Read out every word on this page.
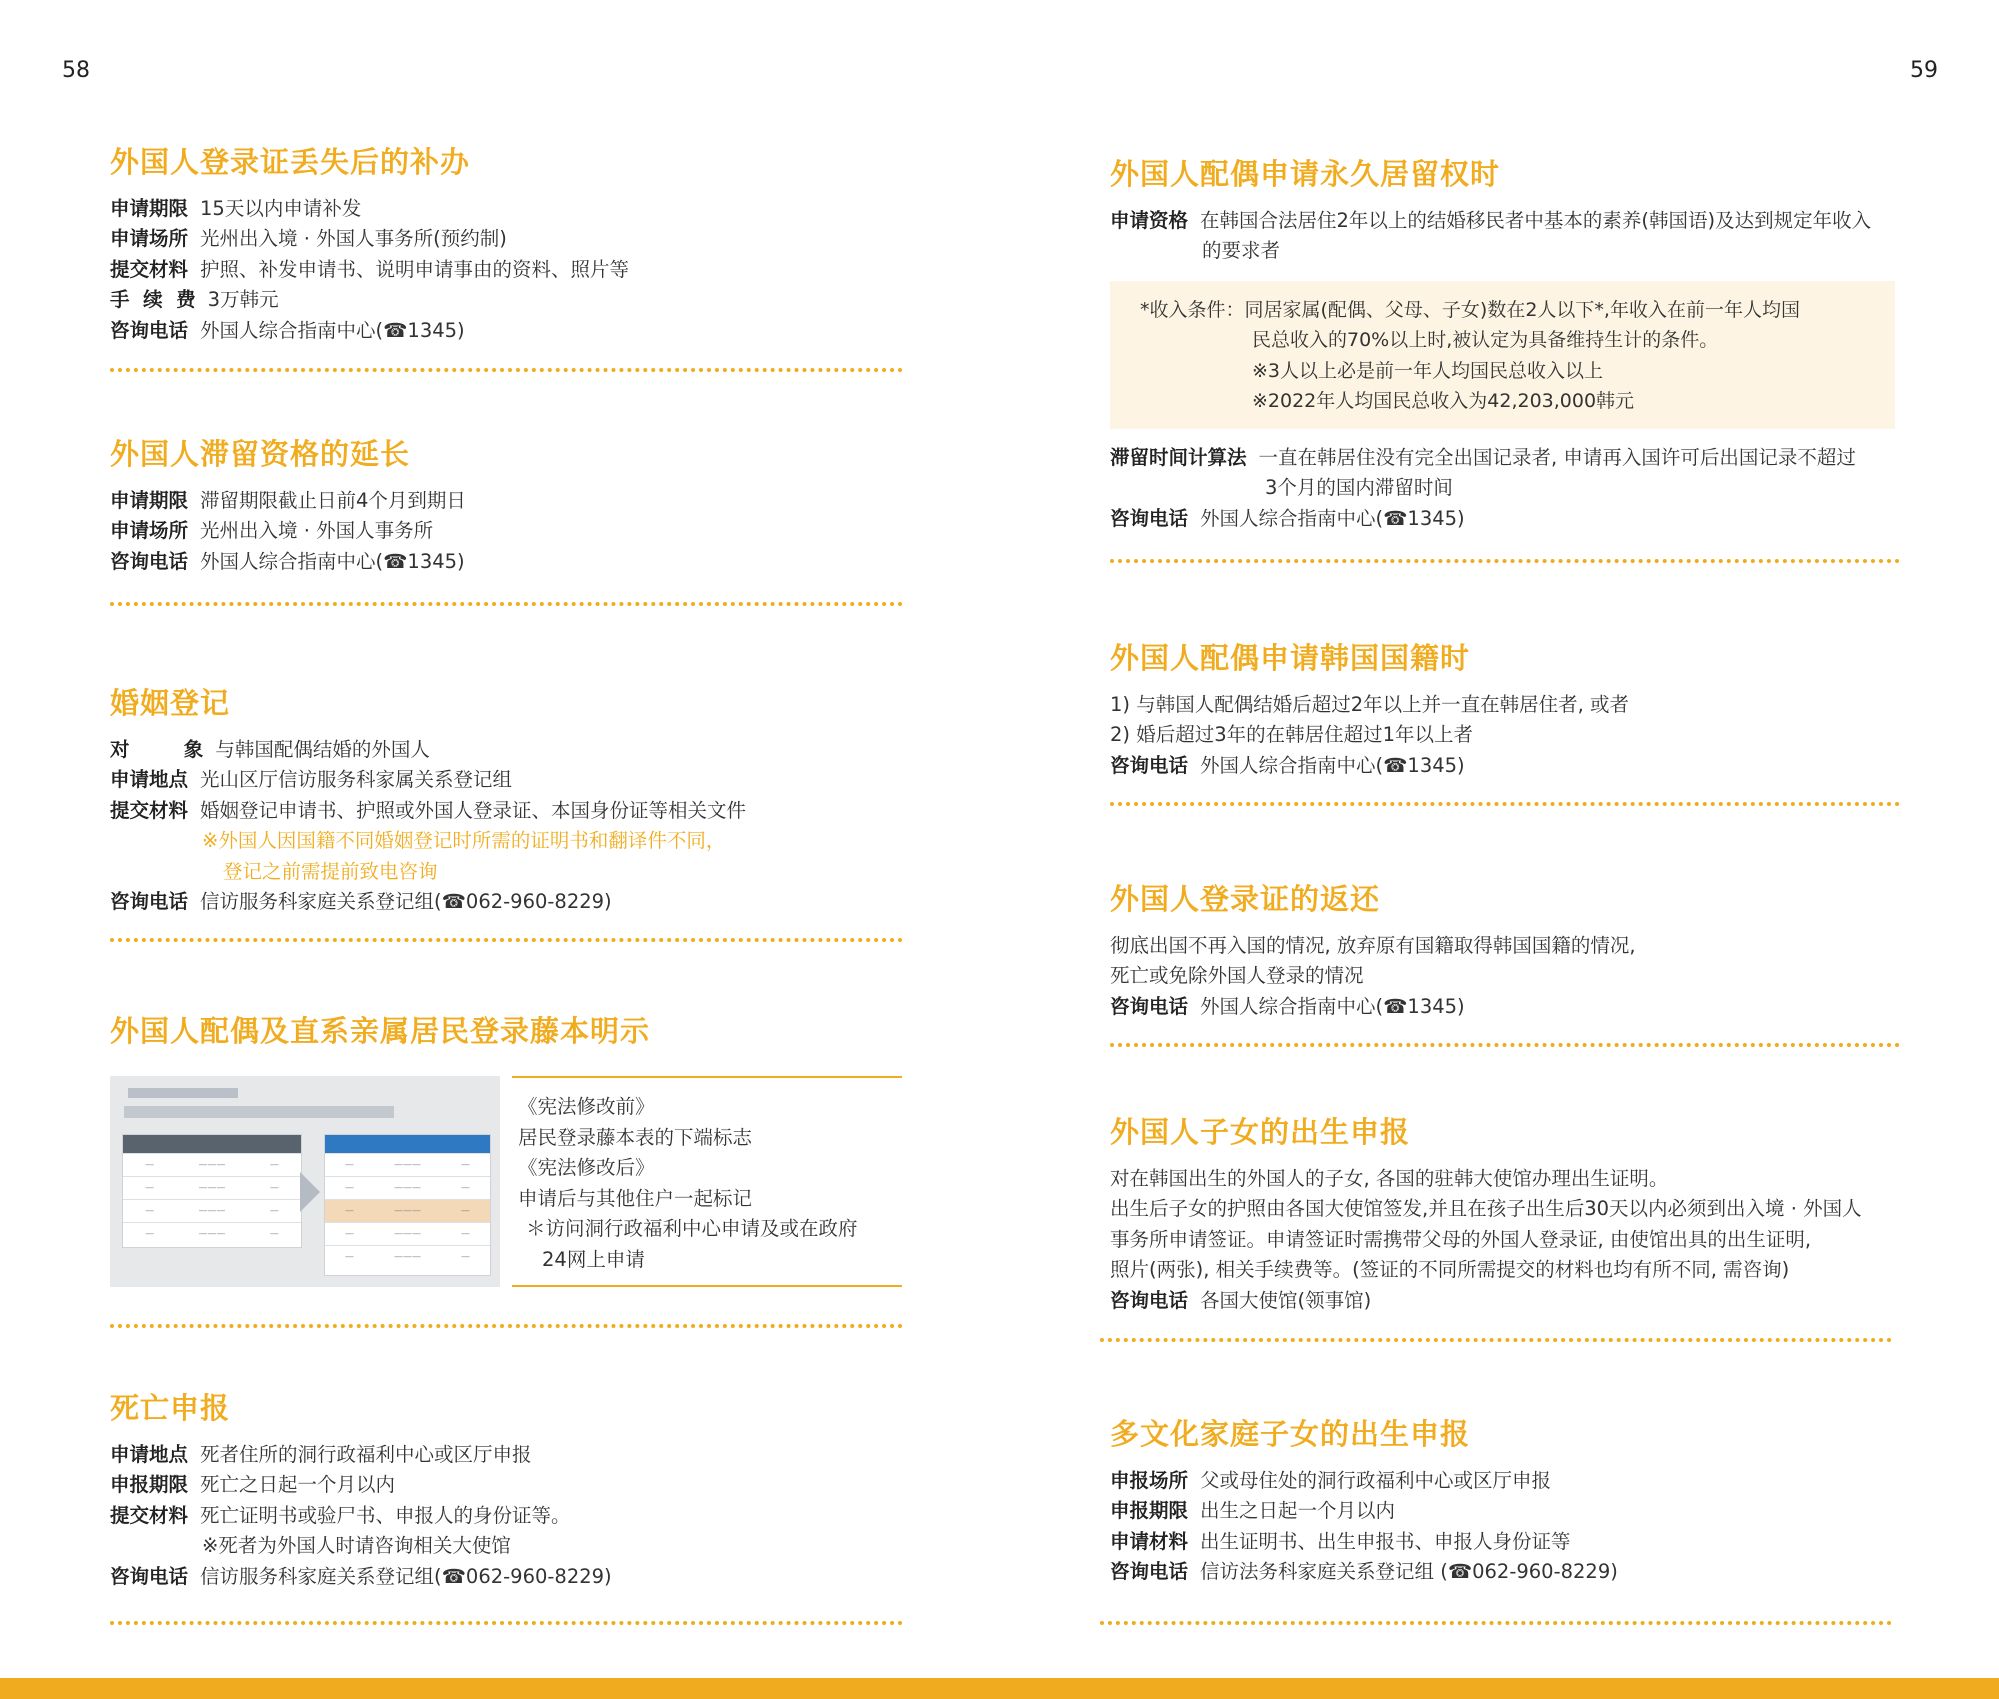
58	59
外国人登录证丢失后的补办
申请期限 15天以内申请补发
申请场所 光州出入境 · 外国人事务所(预约制)
提交材料 护照、补发申请书、说明申请事由的资料、照片等
手  续  费 3万韩元
咨询电话 外国人综合指南中心(☎1345)
外国人滞留资格的延长
申请期限 滞留期限截止日前4个月到期日
申请场所 光州出入境 · 外国人事务所
咨询电话 外国人综合指南中心(☎1345)
婚姻登记
对        象 与韩国配偶结婚的外国人
申请地点 光山区厅信访服务科家属关系登记组
提交材料 婚姻登记申请书、护照或外国人登录证、本国身份证等相关文件
※外国人因国籍不同婚姻登记时所需的证明书和翻译件不同，
登记之前需提前致电咨询
咨询电话 信访服务科家庭关系登记组(☎062-960-8229)
外国人配偶及直系亲属居民登录藤本明示
—	———	—
—	———	—
—	———	—
—	———	—
—	———	—
—	———	—
—	———	—
—	———	—
—	———	—
《宪法修改前》
居民登录藤本表的下端标志
《宪法修改后》
申请后与其他住户一起标记
＊访问洞行政福利中心申请及或在政府
24网上申请
死亡申报
申请地点 死者住所的洞行政福利中心或区厅申报
申报期限 死亡之日起一个月以内
提交材料 死亡证明书或验尸书、申报人的身份证等。
※死者为外国人时请咨询相关大使馆
咨询电话 信访服务科家庭关系登记组(☎062-960-8229)
外国人配偶申请永久居留权时
申请资格 在韩国合法居住2年以上的结婚移民者中基本的素养(韩国语)及达到规定年收入
的要求者
*收入条件：同居家属(配偶、父母、子女)数在2人以下*,年收入在前一年人均国
民总收入的70%以上时,被认定为具备维持生计的条件。
※3人以上必是前一年人均国民总收入以上
※2022年人均国民总收入为42,203,000韩元
滞留时间计算法 一直在韩居住没有完全出国记录者, 申请再入国许可后出国记录不超过
3个月的国内滞留时间
咨询电话 外国人综合指南中心(☎1345)
外国人配偶申请韩国国籍时
1) 与韩国人配偶结婚后超过2年以上并一直在韩居住者, 或者
2) 婚后超过3年的在韩居住超过1年以上者
咨询电话 外国人综合指南中心(☎1345)
外国人登录证的返还
彻底出国不再入国的情况, 放弃原有国籍取得韩国国籍的情况,
死亡或免除外国人登录的情况
咨询电话 外国人综合指南中心(☎1345)
外国人子女的出生申报
对在韩国出生的外国人的子女, 各国的驻韩大使馆办理出生证明。
出生后子女的护照由各国大使馆签发,并且在孩子出生后30天以内必须到出入境 · 外国人
事务所申请签证。申请签证时需携带父母的外国人登录证, 由使馆出具的出生证明,
照片(两张), 相关手续费等。(签证的不同所需提交的材料也均有所不同, 需咨询)
咨询电话 各国大使馆(领事馆)
多文化家庭子女的出生申报
申报场所 父或母住处的洞行政福利中心或区厅申报
申报期限 出生之日起一个月以内
申请材料 出生证明书、出生申报书、申报人身份证等
咨询电话 信访法务科家庭关系登记组 (☎062-960-8229)
